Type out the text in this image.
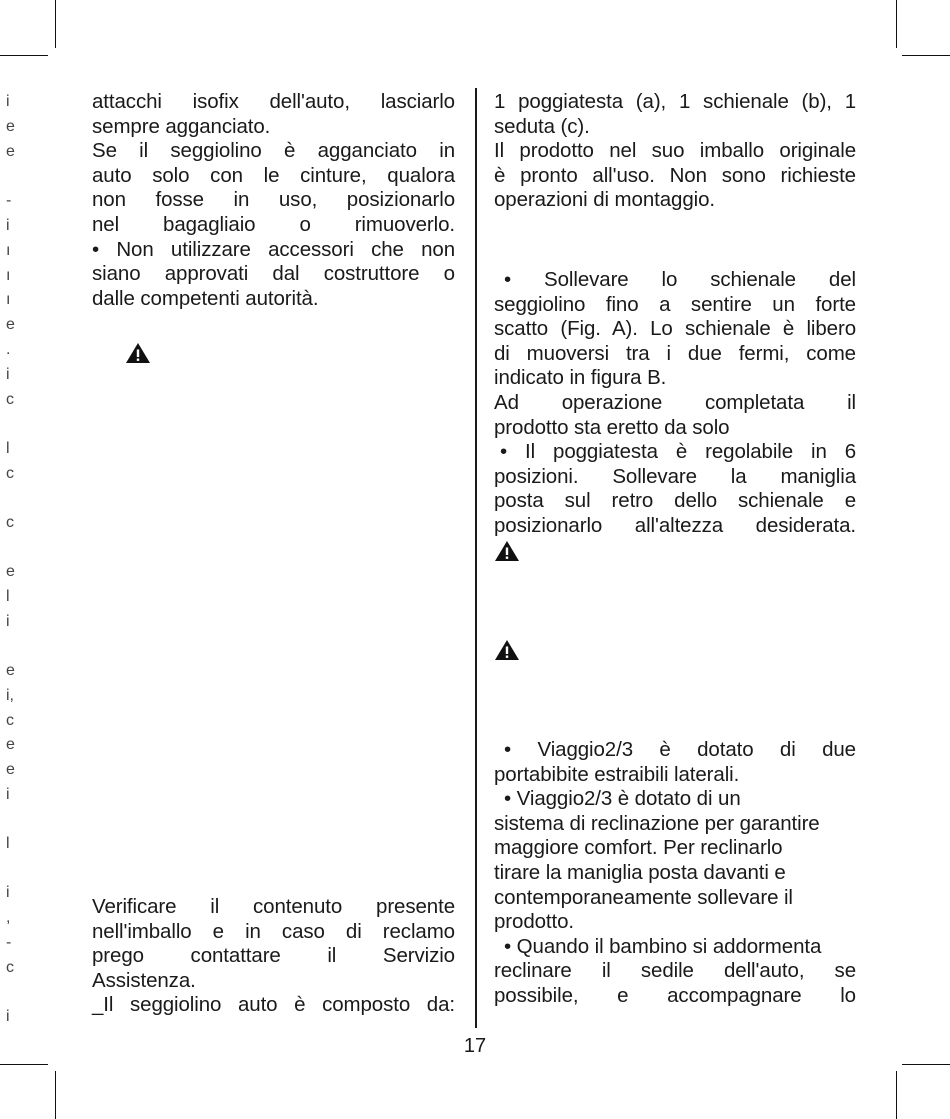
i
e
e
-
i
ı
ı
ı
e
.
i
c
l
c
c
e
l
i
e
i,
c
e
e
i
l
i
,
-
c
i
attacchi isofix dell'auto, lasciarlo
sempre agganciato.
Se il seggiolino è agganciato in
auto solo con le cinture, qualora
non fosse in uso, posizionarlo
nel bagagliaio o rimuoverlo.
• Non utilizzare accessori che non
siano approvati dal costruttore o
dalle competenti autorità.
Verificare il contenuto presente
nell'imballo e in caso di reclamo
prego contattare il Servizio
Assistenza.
_Il seggiolino auto è composto da:
1 poggiatesta (a), 1 schienale (b), 1
seduta (c).
Il prodotto nel suo imballo originale
è pronto all'uso. Non sono richieste
operazioni di montaggio.
• Sollevare lo schienale del
seggiolino fino a sentire un forte
scatto (Fig. A). Lo schienale è libero
di muoversi tra i due fermi, come
indicato in figura B.
Ad operazione completata il
prodotto sta eretto da solo
• Il poggiatesta è regolabile in 6
posizioni. Sollevare la maniglia
posta sul retro dello schienale e
posizionarlo all'altezza desiderata.
• Viaggio2/3 è dotato di due
portabibite estraibili laterali.
• Viaggio2/3 è dotato di un
sistema di reclinazione per garantire
maggiore comfort. Per reclinarlo
tirare la maniglia posta davanti e
contemporaneamente sollevare il
prodotto.
• Quando il bambino si addormenta
reclinare il sedile dell'auto, se
possibile, e accompagnare lo
17
